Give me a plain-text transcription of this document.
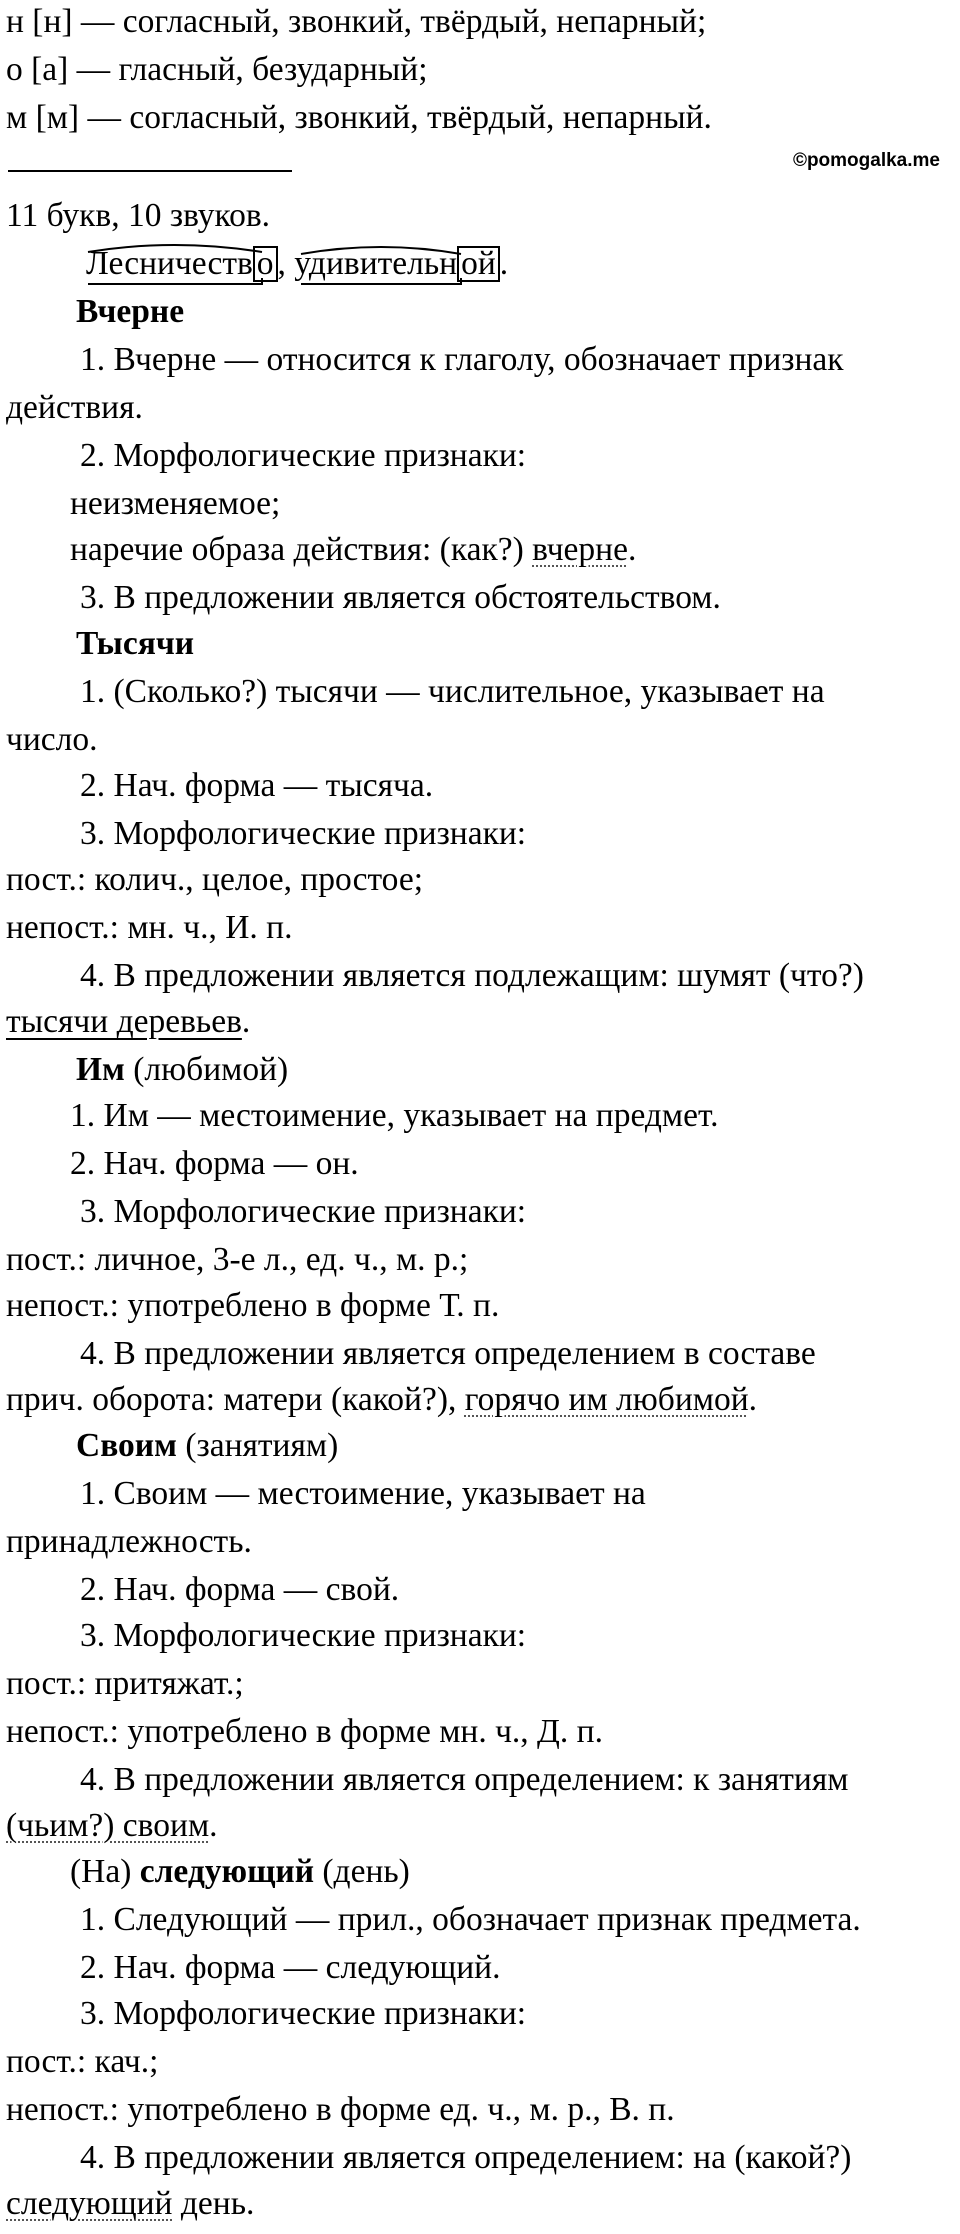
н [н] — согласный, звонкий, твёрдый, непарный;
о [а] — гласный, безударный;
м [м] — согласный, звонкий, твёрдый, непарный.
©pomogalka.me
11 букв, 10 звуков.
Лесничеств о , удивительн ой .
Вчерне
1. Вчерне — относится к глаголу, обозначает признак
действия.
2. Морфологические признаки:
неизменяемое;
наречие образа действия: (как?) вчерне.
3. В предложении является обстоятельством.
Тысячи
1. (Сколько?) тысячи — числительное, указывает на
число.
2. Нач. форма — тысяча.
3. Морфологические признаки:
пост.: колич., целое, простое;
непост.: мн. ч., И. п.
4. В предложении является подлежащим: шумят (что?)
тысячи деревьев.
Им (любимой)
1. Им — местоимение, указывает на предмет.
2. Нач. форма — он.
3. Морфологические признаки:
пост.: личное, 3-е л., ед. ч., м. р.;
непост.: употреблено в форме Т. п.
4. В предложении является определением в составе
прич. оборота: матери (какой?), горячо им любимой.
Своим (занятиям)
1. Своим — местоимение, указывает на
принадлежность.
2. Нач. форма — свой.
3. Морфологические признаки:
пост.: притяжат.;
непост.: употреблено в форме мн. ч., Д. п.
4. В предложении является определением: к занятиям
(чьим?) своим.
(На) следующий (день)
1. Следующий — прил., обозначает признак предмета.
2. Нач. форма — следующий.
3. Морфологические признаки:
пост.: кач.;
непост.: употреблено в форме ед. ч., м. р., В. п.
4. В предложении является определением: на (какой?)
следующий день.
